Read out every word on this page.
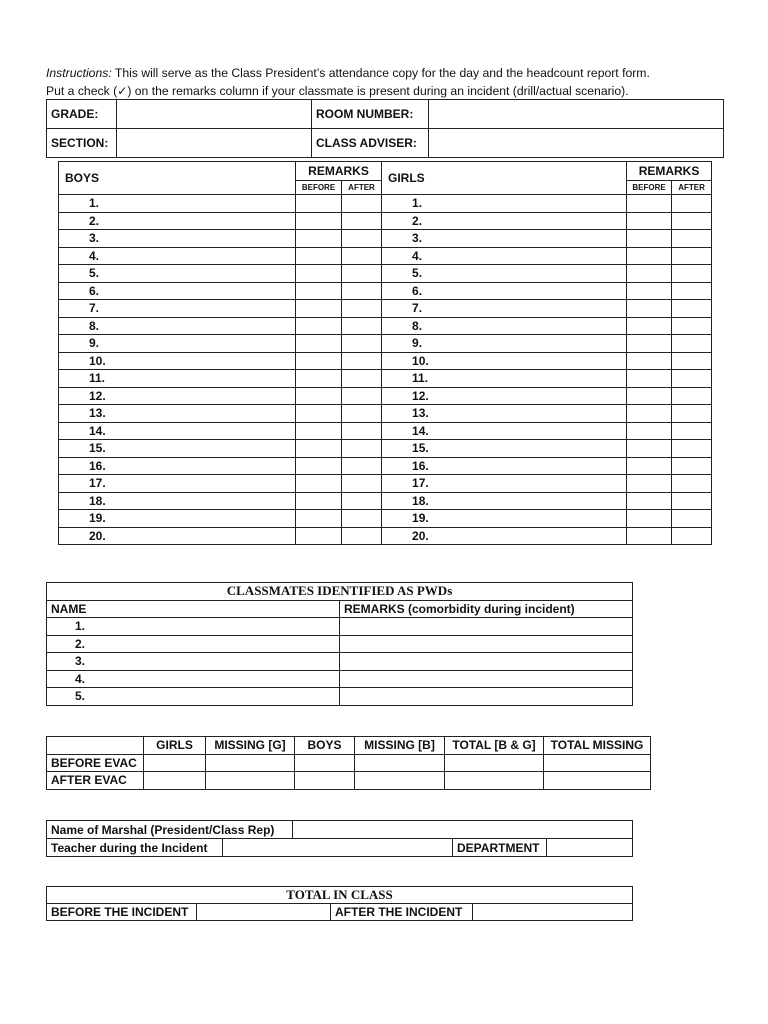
Instructions: This will serve as the Class President’s attendance copy for the day and the headcount report form.
Put a check (✓) on the remarks column if your classmate is present during an incident (drill/actual scenario).
GRADE:		ROOM NUMBER:	
SECTION:		CLASS ADVISER:	
BOYS	REMARKS		GIRLS	REMARKS	
	BEFORE	AFTER		BEFORE	AFTER
1.			1.		
2.			2.		
3.			3.		
4.			4.		
5.			5.		
6.			6.		
7.			7.		
8.			8.		
9.			9.		
10.			10.		
11.			11.		
12.			12.		
13.			13.		
14.			14.		
15.			15.		
16.			16.		
17.			17.		
18.			18.		
19.			19.		
20.			20.		
CLASSMATES IDENTIFIED AS PWDs	
NAME	REMARKS (comorbidity during incident)
1.	
2.	
3.	
4.	
5.	
	GIRLS	MISSING [G]	BOYS	MISSING [B]	TOTAL [B & G]	TOTAL MISSING
BEFORE EVAC						
AFTER EVAC						
Name of Marshal (President/Class Rep)				
Teacher during the Incident			DEPARTMENT	
TOTAL IN CLASS
BEFORE THE INCIDENT		AFTER THE INCIDENT	
